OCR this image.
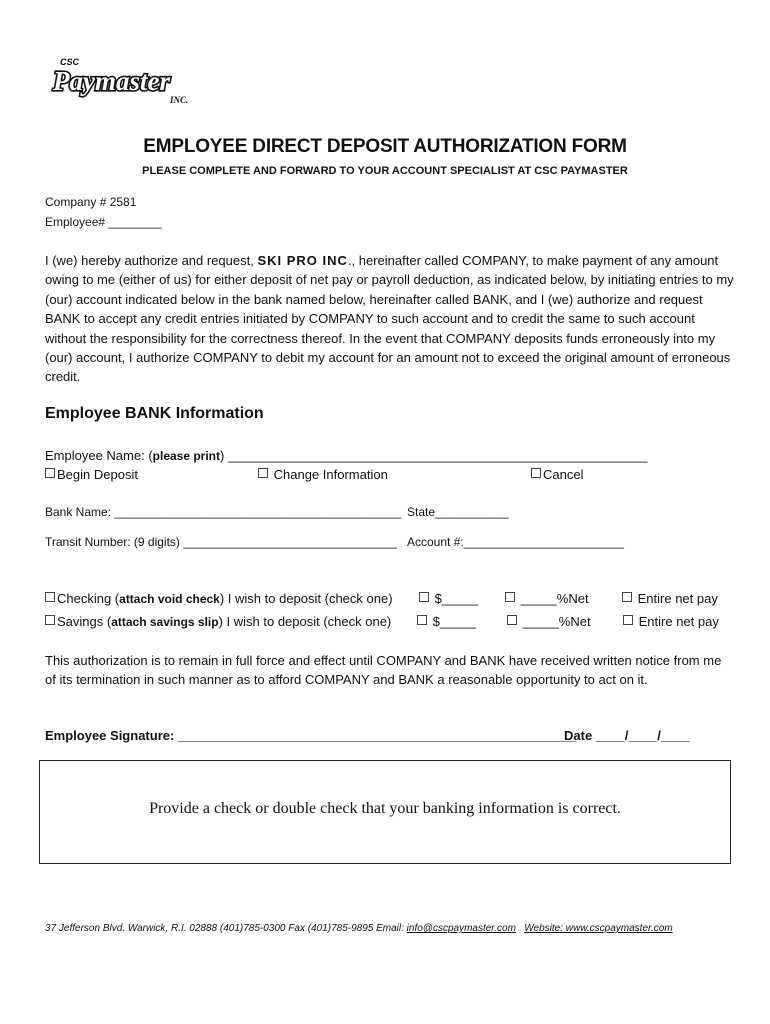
CSC
Paymaster
INC.
EMPLOYEE DIRECT DEPOSIT AUTHORIZATION FORM
PLEASE COMPLETE AND FORWARD TO YOUR ACCOUNT SPECIALIST AT CSC PAYMASTER
Company # 2581
Employee# ________
I (we) hereby authorize and request, SKI PRO INC., hereinafter called COMPANY, to make payment of any amount owing to me (either of us) for either deposit of net pay or payroll deduction, as indicated below, by initiating entries to my (our) account indicated below in the bank named below, hereinafter called BANK, and I (we) authorize and request BANK to accept any credit entries initiated by COMPANY to such account and to credit the same to such account without the responsibility for the correctness thereof. In the event that COMPANY deposits funds erroneously into my (our) account, I authorize COMPANY to debit my account for an amount not to exceed the original amount of erroneous credit.
Employee BANK Information
Employee Name: (please print) __________________________________________________________
Begin Deposit	Change Information	Cancel
Bank Name: ___________________________________________ State___________
Transit Number: (9 digits) ________________________________ Account #:________________________
Checking (attach void check) I wish to deposit (check one)	$_____	_____%Net	Entire net pay
Savings (attach savings slip) I wish to deposit (check one)	$_____	_____%Net	Entire net pay
This authorization is to remain in full force and effect until COMPANY and BANK have received written notice from me of its termination in such manner as to afford COMPANY and BANK a reasonable opportunity to act on it.
Employee Signature: _______________________________________________________
Date ____/____/____
Provide a check or double check that your banking information is correct.
37 Jefferson Blvd. Warwick, R.I. 02888 (401)785-0300 Fax (401)785-9895 Email: info@cscpaymaster.com Website: www.cscpaymaster.com
